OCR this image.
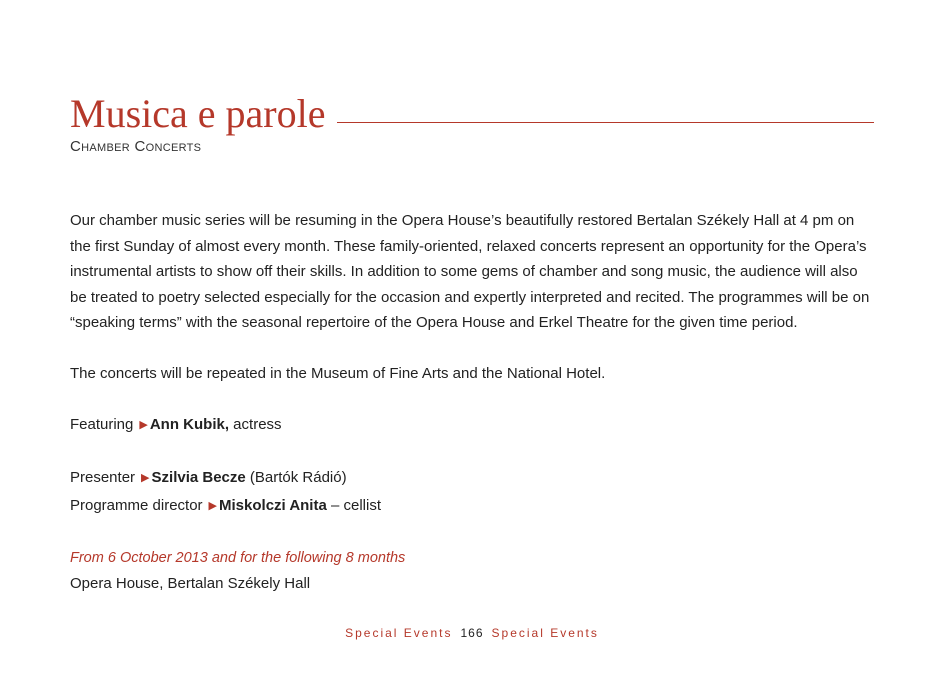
Musica e parole
Chamber Concerts

Our chamber music series will be resuming in the Opera House’s beautifully restored Bertalan Székely Hall at 4 pm on the first Sunday of almost every month. These family-oriented, relaxed concerts represent an opportunity for the Opera’s instrumental artists to show off their skills. In addition to some gems of chamber and song music, the audience will also be treated to poetry selected especially for the occasion and expertly interpreted and recited. The programmes will be on “speaking terms” with the seasonal repertoire of the Opera House and Erkel Theatre for the given time period.

The concerts will be repeated in the Museum of Fine Arts and the National Hotel.

Featuring ▶ Ann Kubik, actress

Presenter ▶ Szilvia Becze (Bartók Rádió)

Programme director ▶ Miskolczi Anita – cellist

From 6 October 2013 and for the following 8 months

Opera House, Bertalan Székely Hall

Special Events 166 Special Events
